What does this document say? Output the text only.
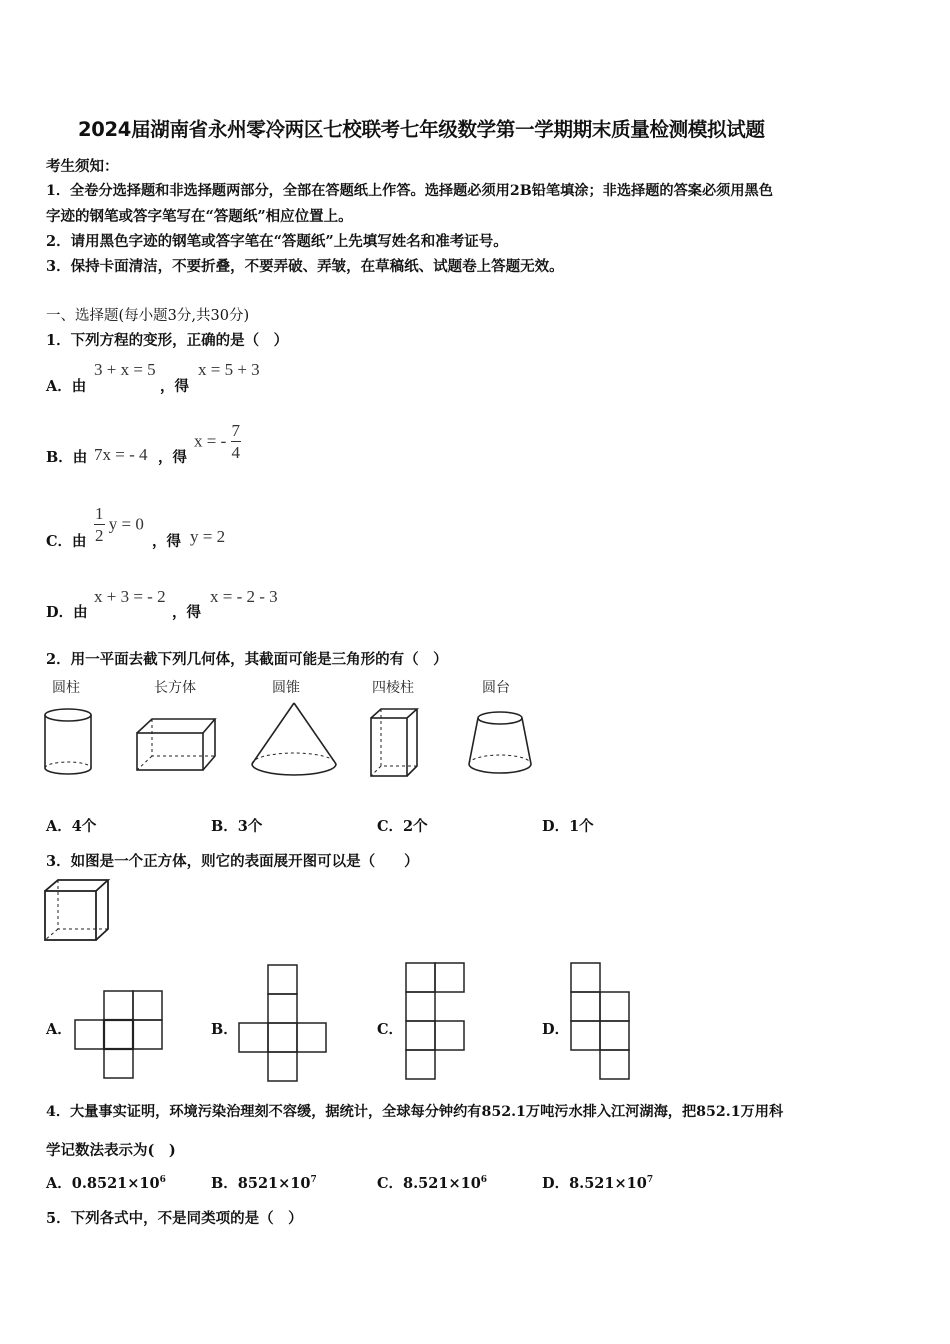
2024届湖南省永州零冷两区七校联考七年级数学第一学期期末质量检测模拟试题
考生须知：
1．全卷分选择题和非选择题两部分，全部在答题纸上作答。选择题必须用2B铅笔填涂；非选择题的答案必须用黑色
字迹的钢笔或答字笔写在“答题纸”相应位置上。
2．请用黑色字迹的钢笔或答字笔在“答题纸”上先填写姓名和准考证号。
3．保持卡面清洁，不要折叠，不要弄破、弄皱，在草稿纸、试题卷上答题无效。
一、选择题(每小题3分,共30分)
1．下列方程的变形，正确的是（　）
A．由
3 + x = 5
，得
x = 5 + 3
B．由 7x = - 4 ，得
x = - $\frac{7}{4}$
C．由 $\frac{1}{2}$ y = 0
，得 y = 2
D．由
x + 3 = - 2
，得
x = - 2 - 3
2．用一平面去截下列几何体，其截面可能是三角形的有（　）
圆柱	长方体	圆锥	四棱柱	圆台
A．4个	B．3个	C．2个	D．1个
3．如图是一个正方体，则它的表面展开图可以是（　　）
A．	B．	C．	D．
4．大量事实证明，环境污染治理刻不容缓，据统计，全球每分钟约有852.1万吨污水排入江河湖海，把852.1万用科
学记数法表示为(　)
A．$0.8521\times 10^6$	B．$8521\times 10^7$	C．$8.521\times 10^6$	D．$8.521\times 10^7$
5．下列各式中，不是同类项的是（　）
